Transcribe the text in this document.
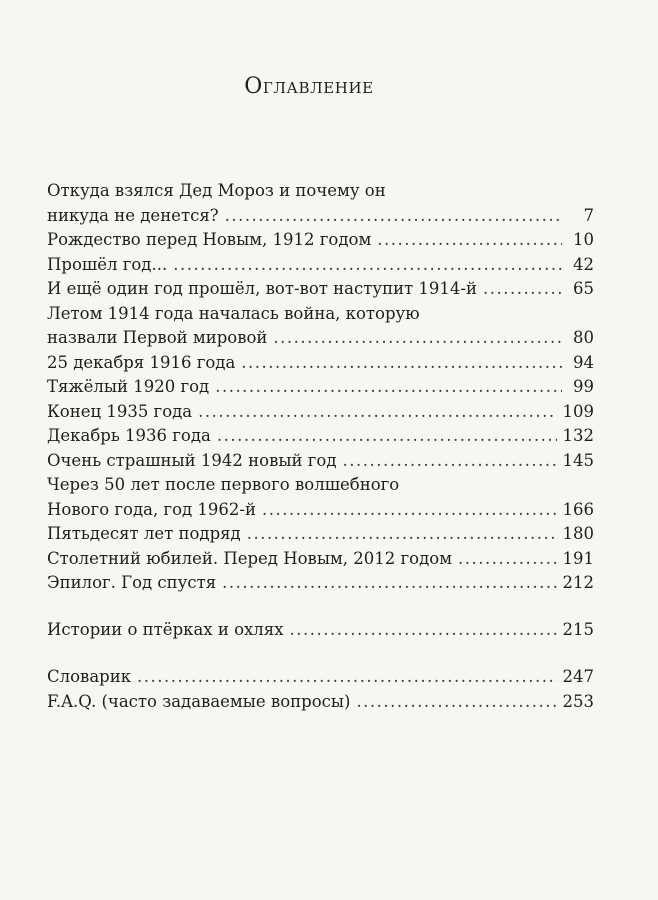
Оглавление
Откуда взялся Дед Мороз и почему он
никуда не денется? .....	7
Рождество перед Новым, 1912 годом .....	10
Прошёл год... .....	42
И ещё один год прошёл, вот-вот наступит 1914-й .....	65
Летом 1914 года началась война, которую
назвали Первой мировой .....	80
25 декабря 1916 года .....	94
Тяжёлый 1920 год .....	99
Конец 1935 года .....	109
Декабрь 1936 года .....	132
Очень страшный 1942 новый год .....	145
Через 50 лет после первого волшебного
Нового года, год 1962-й .....	166
Пятьдесят лет подряд .....	180
Столетний юбилей. Перед Новым, 2012 годом .....	191
Эпилог. Год спустя .....	212
Истории о птёрках и охлях .....	215
Словарик .....	247
F.A.Q. (часто задаваемые вопросы) .....	253
